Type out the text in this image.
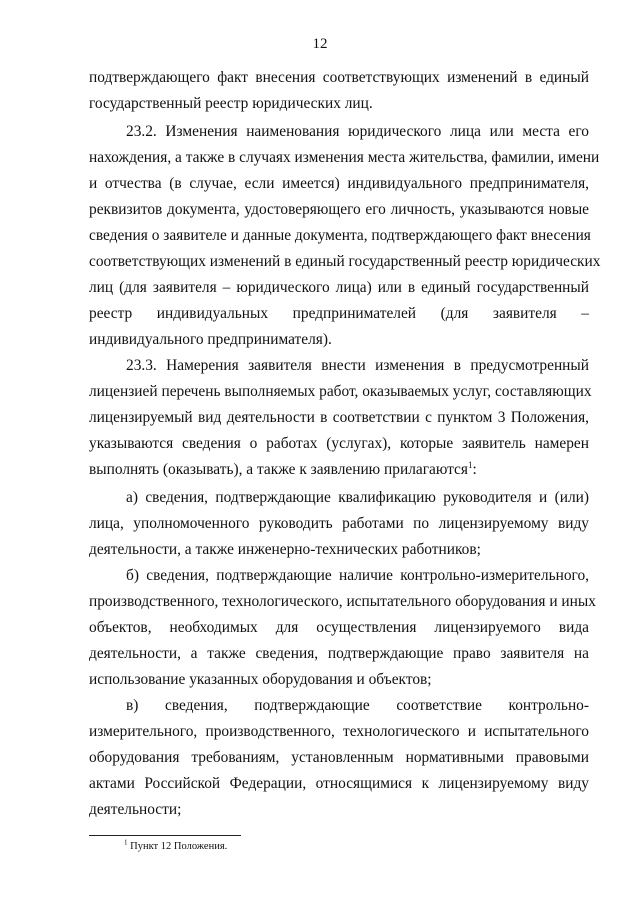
12
подтверждающего факт внесения соответствующих изменений в единый
государственный реестр юридических лиц.
23.2. Изменения наименования юридического лица или места его
нахождения, а также в случаях изменения места жительства, фамилии, имени
и отчества (в случае, если имеется) индивидуального предпринимателя,
реквизитов документа, удостоверяющего его личность, указываются новые
сведения о заявителе и данные документа, подтверждающего факт внесения
соответствующих изменений в единый государственный реестр юридических
лиц (для заявителя – юридического лица) или в единый государственный
реестр индивидуальных предпринимателей (для заявителя –
индивидуального предпринимателя).
23.3. Намерения заявителя внести изменения в предусмотренный
лицензией перечень выполняемых работ, оказываемых услуг, составляющих
лицензируемый вид деятельности в соответствии с пунктом 3 Положения,
указываются сведения о работах (услугах), которые заявитель намерен
выполнять (оказывать), а также к заявлению прилагаются$^1$:
а) сведения, подтверждающие квалификацию руководителя и (или)
лица, уполномоченного руководить работами по лицензируемому виду
деятельности, а также инженерно-технических работников;
б) сведения, подтверждающие наличие контрольно-измерительного,
производственного, технологического, испытательного оборудования и иных
объектов, необходимых для осуществления лицензируемого вида
деятельности, а также сведения, подтверждающие право заявителя на
использование указанных оборудования и объектов;
в) сведения, подтверждающие соответствие контрольно-
измерительного, производственного, технологического и испытательного
оборудования требованиям, установленным нормативными правовыми
актами Российской Федерации, относящимися к лицензируемому виду
деятельности;
$^1$ Пункт 12 Положения.
